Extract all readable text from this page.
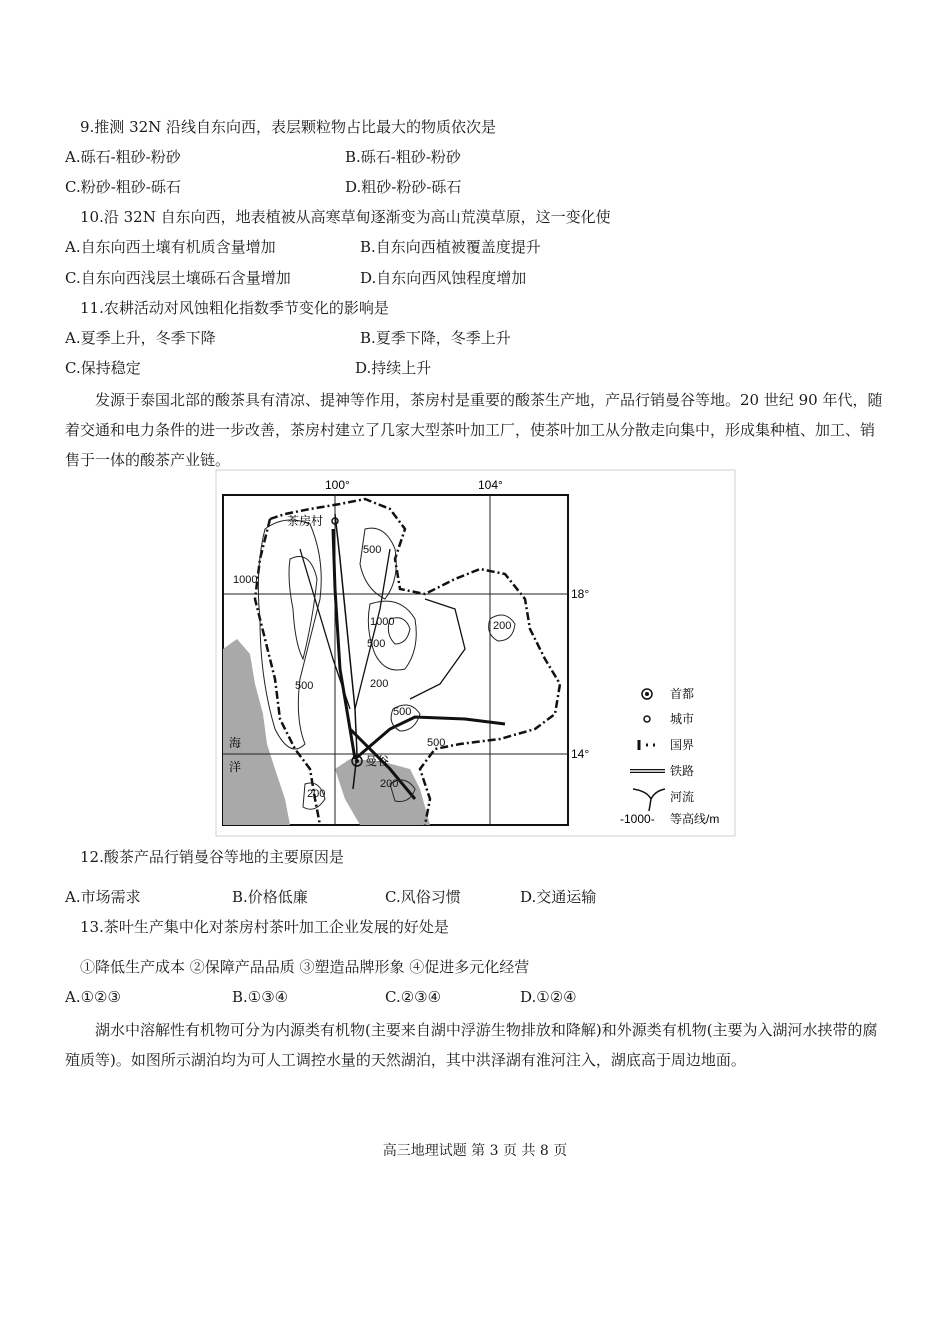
9.推测 32N 沿线自东向西，表层颗粒物占比最大的物质依次是
A.砾石-粗砂-粉砂	B.砾石-粗砂-粉砂
C.粉砂-粗砂-砾石	D.粗砂-粉砂-砾石
10.沿 32N 自东向西，地表植被从高寒草甸逐渐变为高山荒漠草原，这一变化使
A.自东向西土壤有机质含量增加	B.自东向西植被覆盖度提升
C.自东向西浅层土壤砾石含量增加	D.自东向西风蚀程度增加
11.农耕活动对风蚀粗化指数季节变化的影响是
A.夏季上升，冬季下降	B.夏季下降，冬季上升
C.保持稳定	D.持续上升
发源于泰国北部的酸茶具有清凉、提神等作用，茶房村是重要的酸茶生产地，产品行销曼谷等地。20 世纪 90 年代，随着交通和电力条件的进一步改善，茶房村建立了几家大型茶叶加工厂，使茶叶加工从分散走向集中，形成集种植、加工、销售于一体的酸茶产业链。
100°	104°
18°
14°
1000
500
1000
500
200
500
500
200
500
200
200
茶房村
曼谷
海
洋
首都
城市
国界
铁路
河流
-1000- 等高线/m
12.酸茶产品行销曼谷等地的主要原因是
A.市场需求	B.价格低廉	C.风俗习惯	D.交通运输
13.茶叶生产集中化对茶房村茶叶加工企业发展的好处是
①降低生产成本 ②保障产品品质 ③塑造品牌形象 ④促进多元化经营
A.①②③	B.①③④	C.②③④	D.①②④
湖水中溶解性有机物可分为内源类有机物(主要来自湖中浮游生物排放和降解)和外源类有机物(主要为入湖河水挟带的腐殖质等)。如图所示湖泊均为可人工调控水量的天然湖泊，其中洪泽湖有淮河注入，湖底高于周边地面。
高三地理试题 第 3 页 共 8 页
